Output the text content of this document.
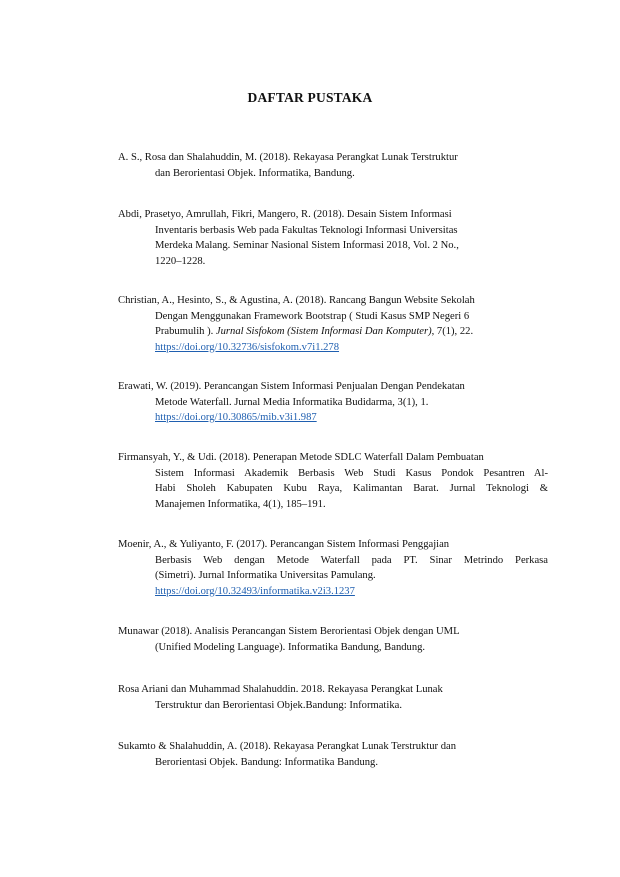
DAFTAR PUSTAKA
A. S., Rosa dan Shalahuddin, M. (2018). Rekayasa Perangkat Lunak Terstruktur
dan Berorientasi Objek. Informatika, Bandung.
Abdi, Prasetyo, Amrullah, Fikri, Mangero, R. (2018). Desain Sistem Informasi
Inventaris berbasis Web pada Fakultas Teknologi Informasi Universitas
Merdeka Malang. Seminar Nasional Sistem Informasi 2018, Vol. 2 No.,
1220–1228.
Christian, A., Hesinto, S., & Agustina, A. (2018). Rancang Bangun Website Sekolah
Dengan Menggunakan Framework Bootstrap ( Studi Kasus SMP Negeri 6
Prabumulih ). Jurnal Sisfokom (Sistem Informasi Dan Komputer), 7(1), 22.
https://doi.org/10.32736/sisfokom.v7i1.278
Erawati, W. (2019). Perancangan Sistem Informasi Penjualan Dengan Pendekatan
Metode Waterfall. Jurnal Media Informatika Budidarma, 3(1), 1.
https://doi.org/10.30865/mib.v3i1.987
Firmansyah, Y., & Udi. (2018). Penerapan Metode SDLC Waterfall Dalam Pembuatan
Sistem Informasi Akademik Berbasis Web Studi Kasus Pondok Pesantren Al-
Habi Sholeh Kabupaten Kubu Raya, Kalimantan Barat. Jurnal Teknologi &
Manajemen Informatika, 4(1), 185–191.
Moenir, A., & Yuliyanto, F. (2017). Perancangan Sistem Informasi Penggajian
Berbasis Web dengan Metode Waterfall pada PT. Sinar Metrindo Perkasa
(Simetri). Jurnal Informatika Universitas Pamulang.
https://doi.org/10.32493/informatika.v2i3.1237
Munawar (2018). Analisis Perancangan Sistem Berorientasi Objek dengan UML
(Unified Modeling Language). Informatika Bandung, Bandung.
Rosa Ariani dan Muhammad Shalahuddin. 2018. Rekayasa Perangkat Lunak
Terstruktur dan Berorientasi Objek.Bandung: Informatika.
Sukamto & Shalahuddin, A. (2018). Rekayasa Perangkat Lunak Terstruktur dan
Berorientasi Objek. Bandung: Informatika Bandung.
